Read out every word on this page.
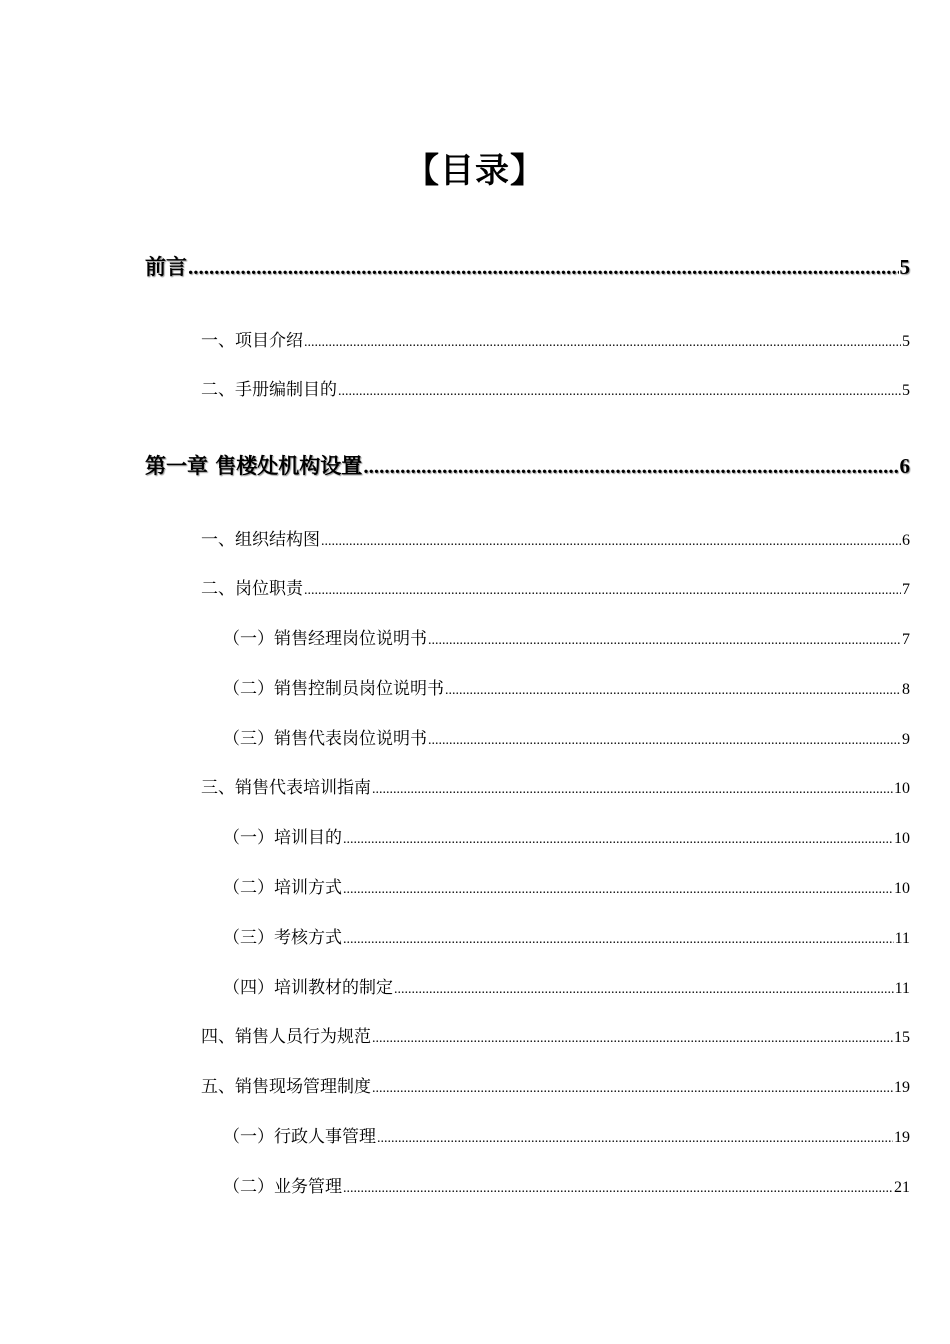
【目录】
前言 .....	5
一、项目介绍 .....	5
二、手册编制目的 .....	5
第一章 售楼处机构设置 .....	6
一、组织结构图 .....	6
二、岗位职责 .....	7
（一）销售经理岗位说明书 .....	7
（二）销售控制员岗位说明书 .....	8
（三）销售代表岗位说明书 .....	9
三、销售代表培训指南 .....	10
（一）培训目的 .....	10
（二）培训方式 .....	10
（三）考核方式 .....	11
（四）培训教材的制定 .....	11
四、销售人员行为规范 .....	15
五、销售现场管理制度 .....	19
（一）行政人事管理 .....	19
（二）业务管理 .....	21
